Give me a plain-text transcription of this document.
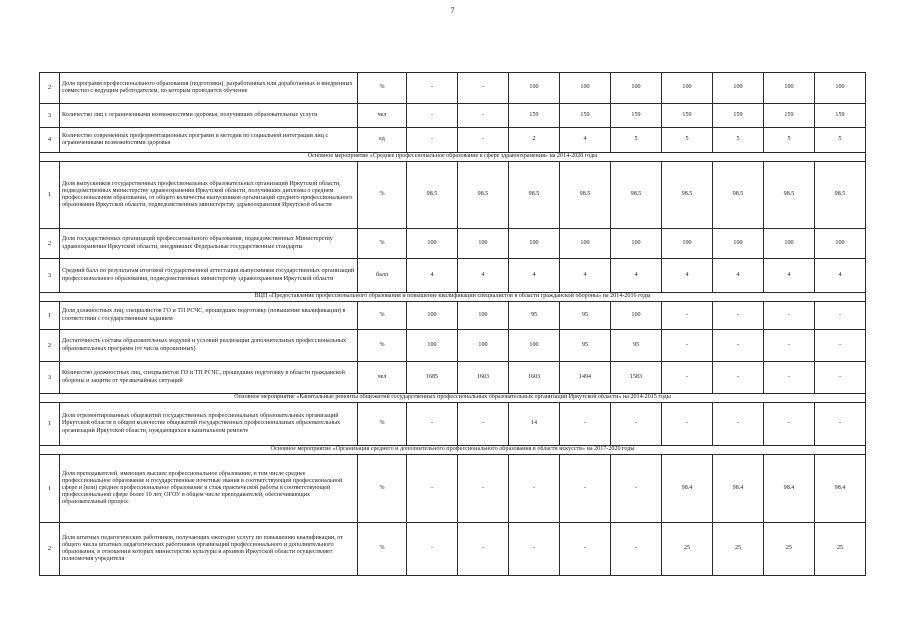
7
2	Доля программ профессионального образования (подготовки), разработанных или доработанных и внедренных совместно с ведущим работодателем, по которым проводится обучение	%	-	-	100	100	100	100	100	100	100
3	Количество лиц с ограниченными возможностями здоровья, получивших образовательные услуги	чел	-	-	159	159	159	159	159	159	159
4	Количество современных профориентационных программ и методик по социальной интеграции лиц с ограниченными возможностями здоровья	ед	-	-	2	4	5	5	5	5	5
Основное мероприятие «Среднее профессиональное образование в сфере здравоохранения» на 2014-2020 годы											
1	Доля выпускников государственных профессиональных образовательных организаций Иркутской области, подведомственных министерству здравоохранения Иркутской области, получивших дипломы о среднем профессиональном образовании, от общего количества выпускников организаций среднего профессионального образования Иркутской области, подведомственных министерству здравоохранения Иркутской области	%	98.5	98.5	98.5	98.5	98.5	98.5	98.5	98.5	98.5
2	Доля государственных организаций профессионального образования, подведомственных Министерству здравоохранения Иркутской области, внедривших Федеральные государственные стандарты	%	100	100	100	100	100	100	100	100	100
3	Средний балл по результатам итоговой государственной аттестации выпускников государственных организаций профессионального образования, подведомственных министерству здравоохранения Иркутской области	балл	4	4	4	4	4	4	4	4	4
ВЦП «Предоставление профессионального образования и повышение квалификации специалистов в области гражданской обороны» на 2014-2016 годы											
1	Доля должностных лиц, специалистов ГО и ТП РСЧС, прошедших подготовку (повышение квалификации) в соответствии с государственным заданием	%	100	100	95	95	100	-	-	-	-
2	Достаточность состава образовательных модулей и условий реализации дополнительных профессиональных образовательных программ (от числа опрошенных)	%	100	100	100	95	95	-	-	-	-
3	Количество должностных лиц, специалистов ГО и ТП РСЧС, прошедших подготовку в области гражданской обороны и защиты от чрезвычайных ситуаций	чел	1685	1603	1603	1494	1583	-	-	-	-
Основное мероприятие «Капитальные ремонты общежитий государственных профессиональных образовательных организаций Иркутской области» на 2014-2015 годы											
1	Доля отремонтированных общежитий государственных профессиональных образовательных организаций Иркутской области в общем количестве общежитий государственных профессиональных образовательных организаций Иркутской области, нуждающихся в капитальном ремонте	%	-	-	14	-	-	-	-	-	-
Основное мероприятие «Организация среднего и дополнительного профессионального образования в области искусств» на 2017-2020 годы											
1	Доля преподавателей, имеющих высшее профессиональное образование, в том числе среднее профессиональное образование и государственные почетные звания в соответствующей профессиональной сфере и (или) среднее профессиональное образование и стаж практической работы в соответствующей профессиональной сфере более 10 лет, ОГОУ в общем числе преподавателей, обеспечивающих образовательный процесс	%	-	-	-	-	-	98.4	98.4	98.4	98.4
2	Доля штатных педагогических работников, получающих ежегодно услугу по повышению квалификации, от общего числа штатных педагогических работников организаций профессионального и дополнительного образования, в отношении которых министерство культуры и архивов Иркутской области осуществляет полномочия учредителя	%	-	-	-	-	-	25	25	25	25
